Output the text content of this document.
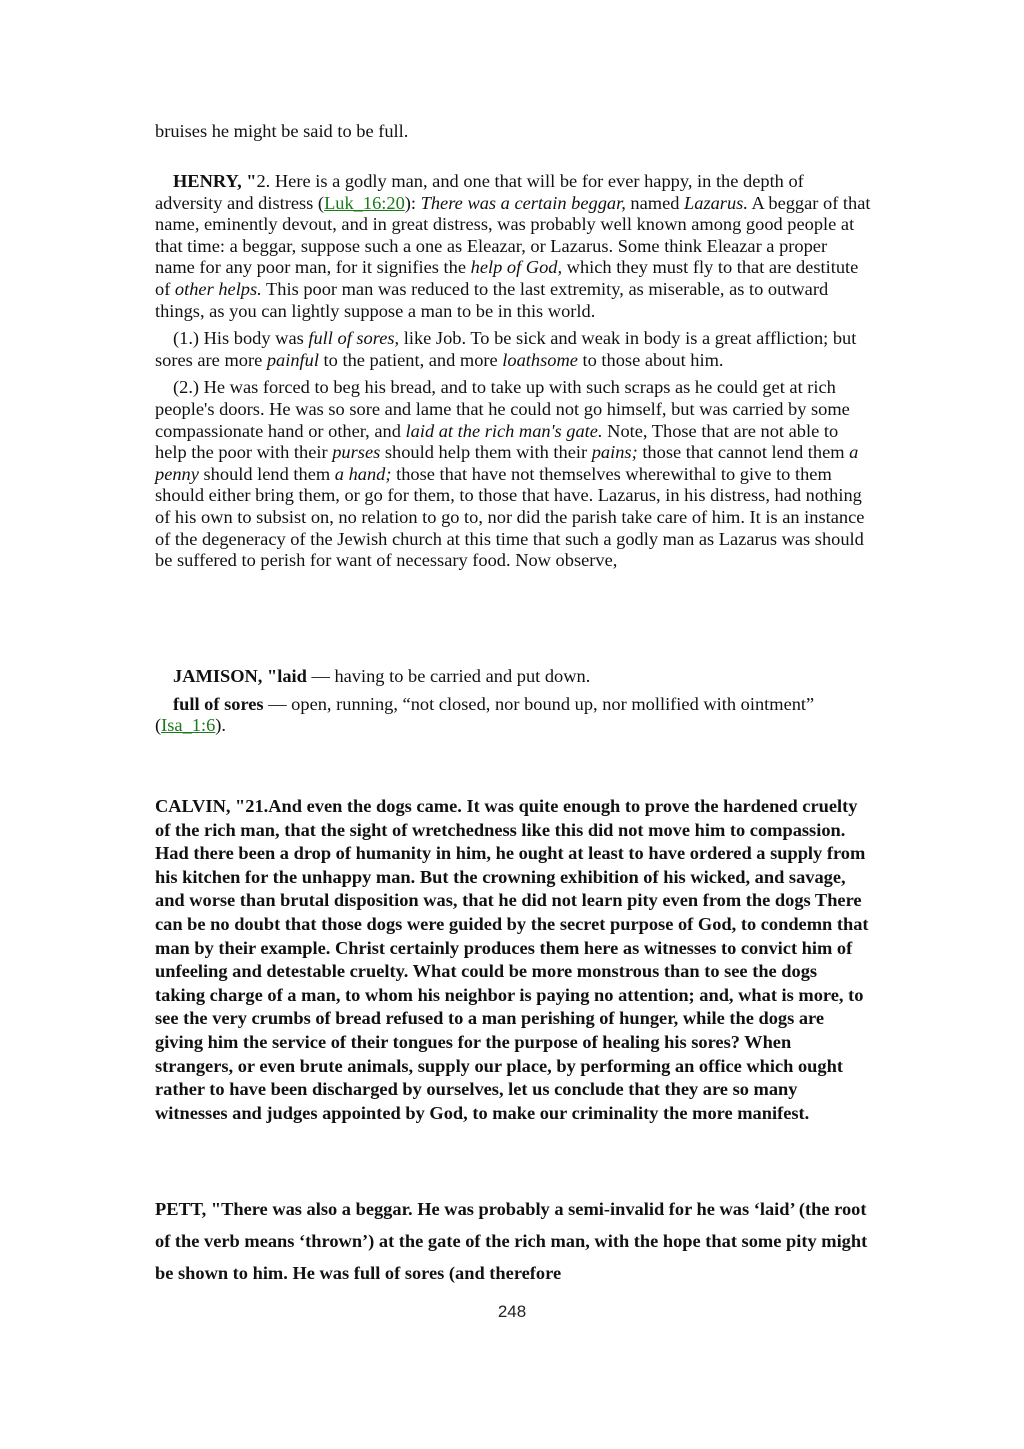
bruises he might be said to be full.

HENRY, "2. Here is a godly man, and one that will be for ever happy, in the depth of adversity and distress (Luk_16:20): There was a certain beggar, named Lazarus. A beggar of that name, eminently devout, and in great distress, was probably well known among good people at that time: a beggar, suppose such a one as Eleazar, or Lazarus. Some think Eleazar a proper name for any poor man, for it signifies the help of God, which they must fly to that are destitute of other helps. This poor man was reduced to the last extremity, as miserable, as to outward things, as you can lightly suppose a man to be in this world.

(1.) His body was full of sores, like Job. To be sick and weak in body is a great affliction; but sores are more painful to the patient, and more loathsome to those about him.

(2.) He was forced to beg his bread, and to take up with such scraps as he could get at rich people's doors. He was so sore and lame that he could not go himself, but was carried by some compassionate hand or other, and laid at the rich man's gate. Note, Those that are not able to help the poor with their purses should help them with their pains; those that cannot lend them a penny should lend them a hand; those that have not themselves wherewithal to give to them should either bring them, or go for them, to those that have. Lazarus, in his distress, had nothing of his own to subsist on, no relation to go to, nor did the parish take care of him. It is an instance of the degeneracy of the Jewish church at this time that such a godly man as Lazarus was should be suffered to perish for want of necessary food. Now observe,

JAMISON, "laid — having to be carried and put down.

full of sores — open, running, “not closed, nor bound up, nor mollified with ointment” (Isa_1:6).

CALVIN, "21.And even the dogs came. It was quite enough to prove the hardened cruelty of the rich man, that the sight of wretchedness like this did not move him to compassion. Had there been a drop of humanity in him, he ought at least to have ordered a supply from his kitchen for the unhappy man. But the crowning exhibition of his wicked, and savage, and worse than brutal disposition was, that he did not learn pity even from the dogs There can be no doubt that those dogs were guided by the secret purpose of God, to condemn that man by their example. Christ certainly produces them here as witnesses to convict him of unfeeling and detestable cruelty. What could be more monstrous than to see the dogs taking charge of a man, to whom his neighbor is paying no attention; and, what is more, to see the very crumbs of bread refused to a man perishing of hunger, while the dogs are giving him the service of their tongues for the purpose of healing his sores? When strangers, or even brute animals, supply our place, by performing an office which ought rather to have been discharged by ourselves, let us conclude that they are so many witnesses and judges appointed by God, to make our criminality the more manifest.

PETT, "There was also a beggar. He was probably a semi-invalid for he was ‘laid’ (the root of the verb means ‘thrown’) at the gate of the rich man, with the hope that some pity might be shown to him. He was full of sores (and therefore

248
